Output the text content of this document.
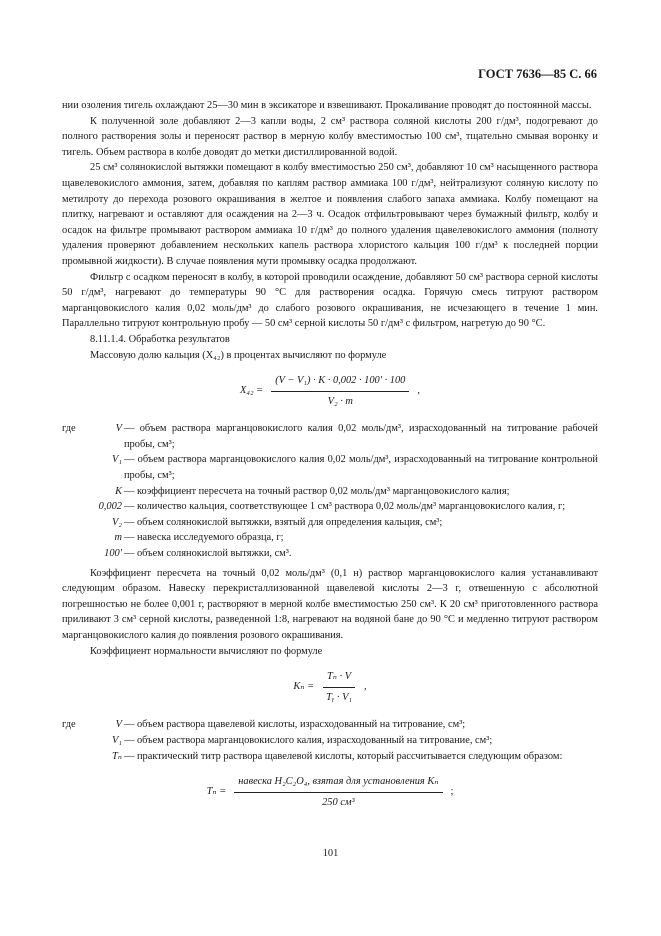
ГОСТ 7636—85 С. 66

нии озоления тигель охлаждают 25—30 мин в эксикаторе и взвешивают. Прокаливание проводят до постоянной массы.

К полученной золе добавляют 2—3 капли воды, 2 см³ раствора соляной кислоты 200 г/дм³, подогревают до полного растворения золы и переносят раствор в мерную колбу вместимостью 100 см³, тщательно смывая воронку и тигель. Объем раствора в колбе доводят до метки дистиллированной водой.

25 см³ солянокислой вытяжки помещают в колбу вместимостью 250 см³, добавляют 10 см³ насыщенного раствора щавелевокислого аммония, затем, добавляя по каплям раствор аммиака 100 г/дм³, нейтрализуют соляную кислоту по метилроту до перехода розового окрашивания в желтое и появления слабого запаха аммиака. Колбу помещают на плитку, нагревают и оставляют для осаждения на 2—3 ч. Осадок отфильтровывают через бумажный фильтр, колбу и осадок на фильтре промывают раствором аммиака 10 г/дм³ до полного удаления щавелевокислого аммония (полноту удаления проверяют добавлением нескольких капель раствора хлористого кальция 100 г/дм³ к последней порции промывной жидкости). В случае появления мути промывку осадка продолжают.

Фильтр с осадком переносят в колбу, в которой проводили осаждение, добавляют 50 см³ раствора серной кислоты 50 г/дм³, нагревают до температуры 90 °С для растворения осадка. Горячую смесь титруют раствором марганцовокислого калия 0,02 моль/дм³ до слабого розового окрашивания, не исчезающего в течение 1 мин. Параллельно титруют контрольную пробу — 50 см³ серной кислоты 50 г/дм³ с фильтром, нагретую до 90 °С.

8.11.1.4. Обработка результатов

Массовую долю кальция (X₄₂) в процентах вычисляют по формуле

$X_{42} = \frac{\text{(V − V₁) · K · 0,002 · 100′ · 100}}{\text{V₂ · m}}$ ,
где	V — объем раствора марганцовокислого калия 0,02 моль/дм³, израсходованный на титрование рабочей пробы, см³;
V₁ — объем раствора марганцовокислого калия 0,02 моль/дм³, израсходованный на титрование контрольной пробы, см³;
K — коэффициент пересчета на точный раствор 0,02 моль/дм³ марганцовокислого калия;
0,002 — количество кальция, соответствующее 1 см³ раствора 0,02 моль/дм³ марганцовокислого калия, г;
V₂ — объем солянокислой вытяжки, взятый для определения кальция, см³;
m — навеска исследуемого образца, г;
100′ — объем солянокислой вытяжки, см³.

Коэффициент пересчета на точный 0,02 моль/дм³ (0,1 н) раствор марганцовокислого калия устанавливают следующим образом. Навеску перекристаллизованной щавелевой кислоты 2—3 г, отвешенную с абсолютной погрешностью не более 0,001 г, растворяют в мерной колбе вместимостью 250 см³. К 20 см³ приготовленного раствора приливают 3 см³ серной кислоты, разведенной 1:8, нагревают на водяной бане до 90 °С и медленно титруют раствором марганцовокислого калия до появления розового окрашивания.

Коэффициент нормальности вычисляют по формуле

$K_n = \frac{\text{Tₙ · V}}{\text{Tᵧ · V₁}}$ ,
где	V — объем раствора щавелевой кислоты, израсходованный на титрование, см³;
V₁ — объем раствора марганцовокислого калия, израсходованный на титрование, см³;
Tₙ — практический титр раствора щавелевой кислоты, который рассчитывается следующим образом:
$T_n = \frac{\text{навеска H₂C₂O₄, взятая для установления Kₙ}}{\text{250 см³}}$ ;
101
